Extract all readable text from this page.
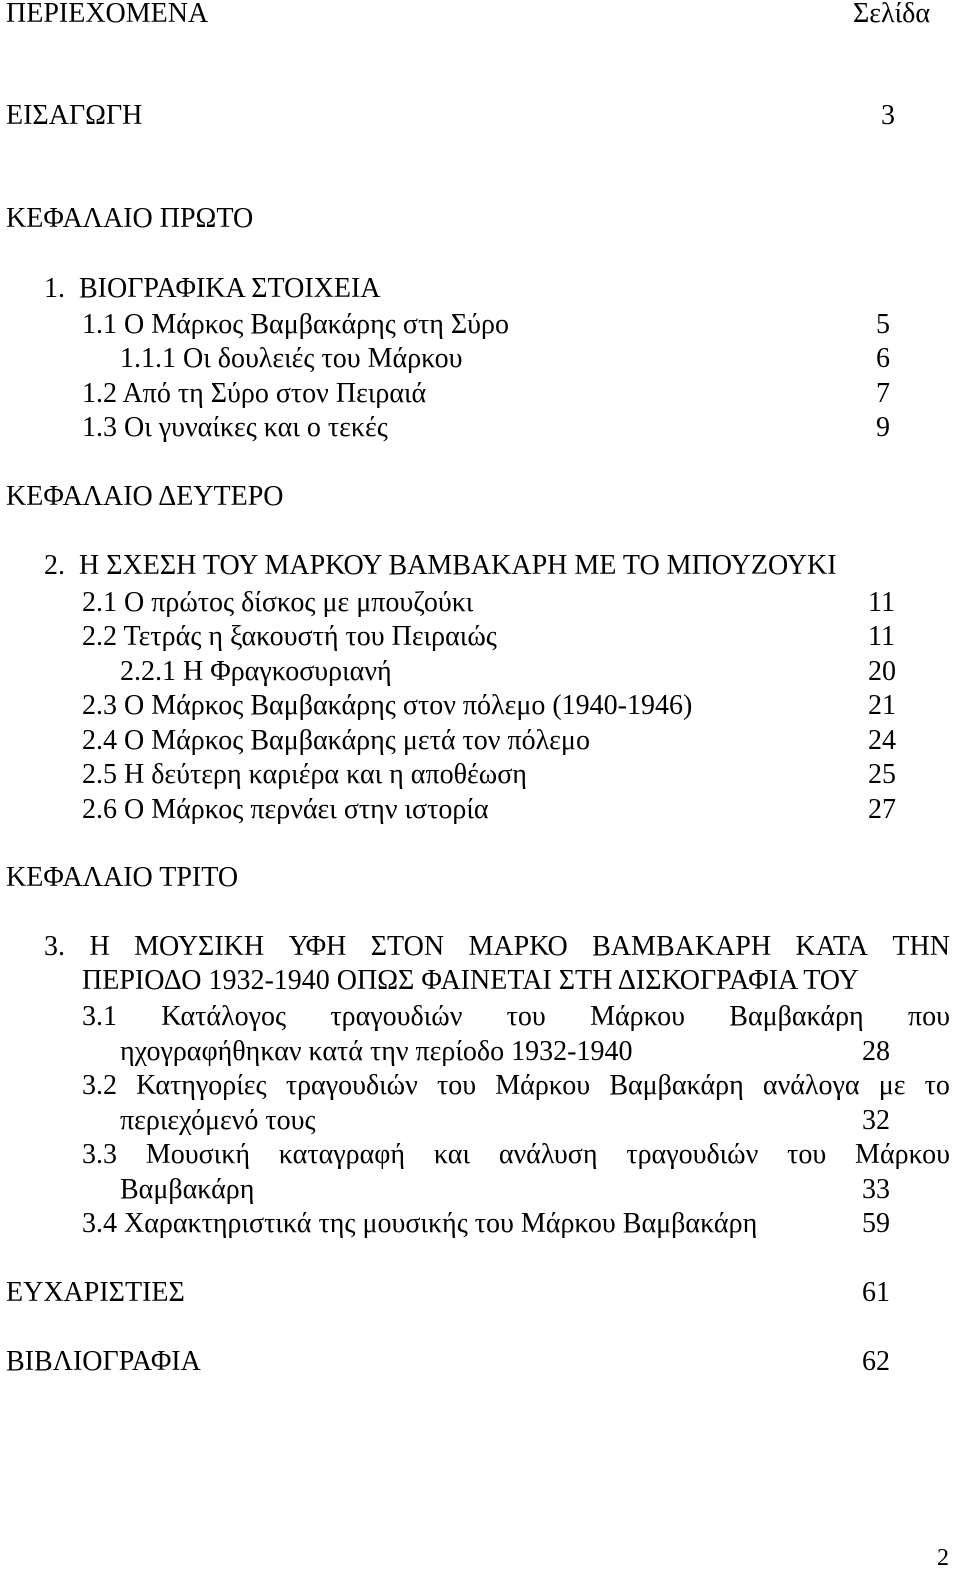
ΠΕΡΙΕΧΟΜΕΝΑ	Σελίδα
ΕΙΣΑΓΩΓΗ	3
ΚΕΦΑΛΑΙΟ ΠΡΩΤΟ
1.  ΒΙΟΓΡΑΦΙΚΑ ΣΤΟΙΧΕΙΑ
1.1 Ο Μάρκος Βαμβακάρης στη Σύρο	5
1.1.1 Οι δουλειές του Μάρκου	6
1.2 Από τη Σύρο στον Πειραιά	7
1.3 Οι γυναίκες και ο τεκές	9
ΚΕΦΑΛΑΙΟ ΔΕΥΤΕΡΟ
2.  Η ΣΧΕΣΗ ΤΟΥ ΜΑΡΚΟΥ ΒΑΜΒΑΚΑΡΗ ΜΕ ΤΟ ΜΠΟΥΖΟΥΚΙ
2.1 Ο πρώτος δίσκος με μπουζούκι	11
2.2 Τετράς η ξακουστή του Πειραιώς	11
2.2.1 Η Φραγκοσυριανή	20
2.3 Ο Μάρκος Βαμβακάρης στον πόλεμο (1940-1946)	21
2.4 Ο Μάρκος Βαμβακάρης μετά τον πόλεμο	24
2.5 Η δεύτερη καριέρα και η αποθέωση	25
2.6 Ο Μάρκος περνάει στην ιστορία	27
ΚΕΦΑΛΑΙΟ ΤΡΙΤΟ
3. Η ΜΟΥΣΙΚΗ ΥΦΗ ΣΤΟΝ ΜΑΡΚΟ ΒΑΜΒΑΚΑΡΗ ΚΑΤΑ ΤΗΝ
ΠΕΡΙΟΔΟ 1932-1940 ΟΠΩΣ ΦΑΙΝΕΤΑΙ ΣΤΗ ΔΙΣΚΟΓΡΑΦΙΑ ΤΟΥ
3.1 Κατάλογος τραγουδιών του Μάρκου Βαμβακάρη που
ηχογραφήθηκαν κατά την περίοδο 1932-1940	28
3.2 Κατηγορίες τραγουδιών του Μάρκου Βαμβακάρη ανάλογα με το
περιεχόμενό τους	32
3.3 Μουσική καταγραφή και ανάλυση τραγουδιών του Μάρκου
Βαμβακάρη	33
3.4 Χαρακτηριστικά της μουσικής του Μάρκου Βαμβακάρη	59
ΕΥΧΑΡΙΣΤΙΕΣ	61
ΒΙΒΛΙΟΓΡΑΦΙΑ	62
2
